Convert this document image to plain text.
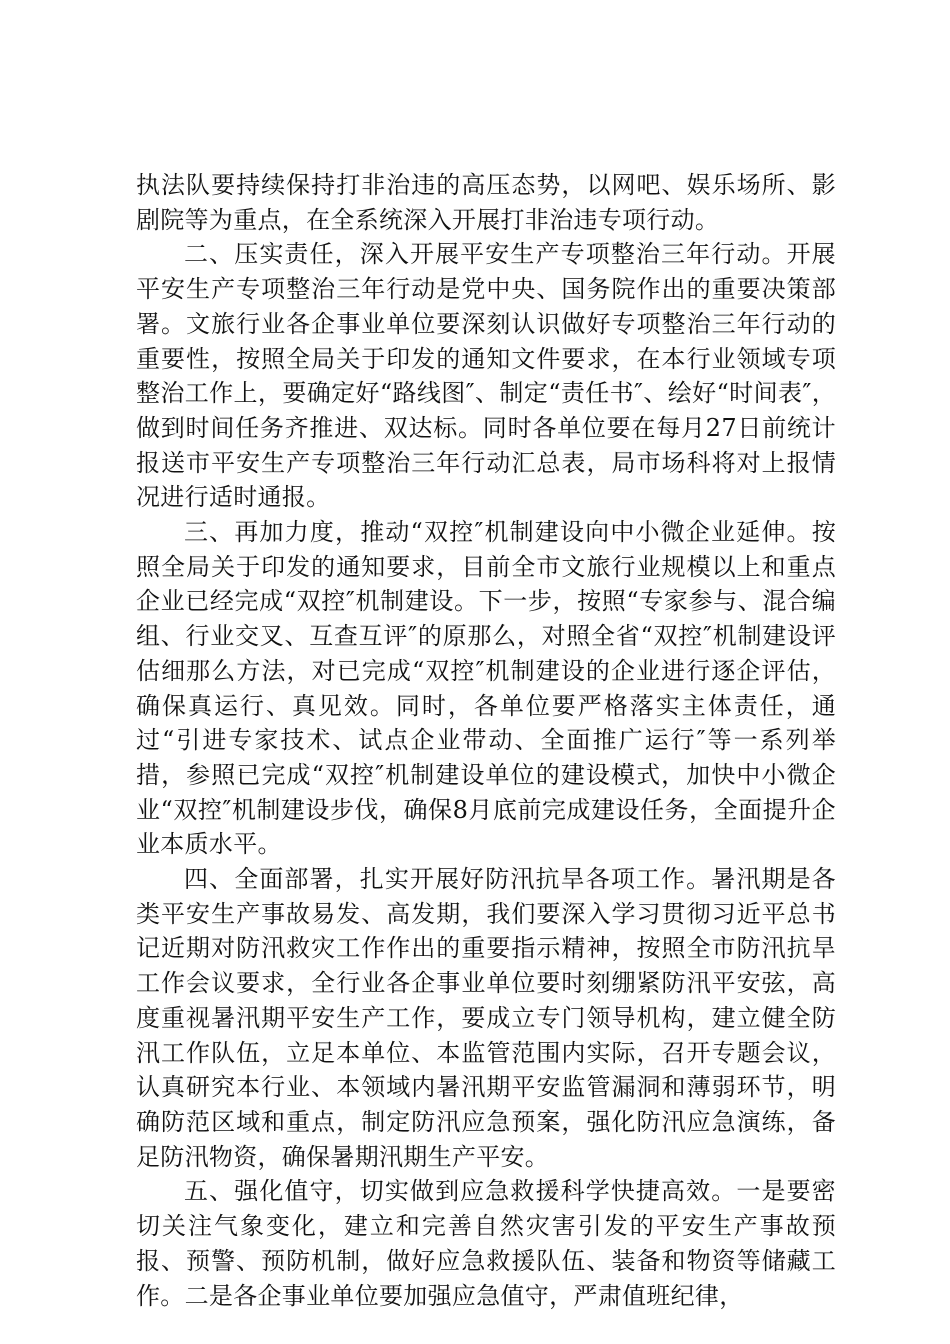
执法队要持续保持打非治违的高压态势，以网吧、娱乐场所、影剧院等为重点，在全系统深入开展打非治违专项行动。

二、压实责任，深入开展平安生产专项整治三年行动。开展平安生产专项整治三年行动是党中央、国务院作出的重要决策部署。文旅行业各企事业单位要深刻认识做好专项整治三年行动的重要性，按照全局关于印发的通知文件要求，在本行业领域专项整治工作上，要确定好“路线图″、制定“责任书″、绘好“时间表″，做到时间任务齐推进、双达标。同时各单位要在每月27日前统计报送市平安生产专项整治三年行动汇总表，局市场科将对上报情况进行适时通报。

三、再加力度，推动“双控″机制建设向中小微企业延伸。按照全局关于印发的通知要求，目前全市文旅行业规模以上和重点企业已经完成“双控″机制建设。下一步，按照“专家参与、混合编组、行业交叉、互查互评″的原那么，对照全省“双控″机制建设评估细那么方法，对已完成“双控″机制建设的企业进行逐企评估，确保真运行、真见效。同时，各单位要严格落实主体责任，通过“引进专家技术、试点企业带动、全面推广运行″等一系列举措，参照已完成“双控″机制建设单位的建设模式，加快中小微企业“双控″机制建设步伐，确保8月底前完成建设任务，全面提升企业本质水平。

四、全面部署，扎实开展好防汛抗旱各项工作。暑汛期是各类平安生产事故易发、高发期，我们要深入学习贯彻习近平总书记近期对防汛救灾工作作出的重要指示精神，按照全市防汛抗旱工作会议要求，全行业各企事业单位要时刻绷紧防汛平安弦，高度重视暑汛期平安生产工作，要成立专门领导机构，建立健全防汛工作队伍，立足本单位、本监管范围内实际，召开专题会议，认真研究本行业、本领域内暑汛期平安监管漏洞和薄弱环节，明确防范区域和重点，制定防汛应急预案，强化防汛应急演练，备足防汛物资，确保暑期汛期生产平安。

五、强化值守，切实做到应急救援科学快捷高效。一是要密切关注气象变化，建立和完善自然灾害引发的平安生产事故预报、预警、预防机制，做好应急救援队伍、装备和物资等储藏工作。二是各企事业单位要加强应急值守，严肃值班纪律，
